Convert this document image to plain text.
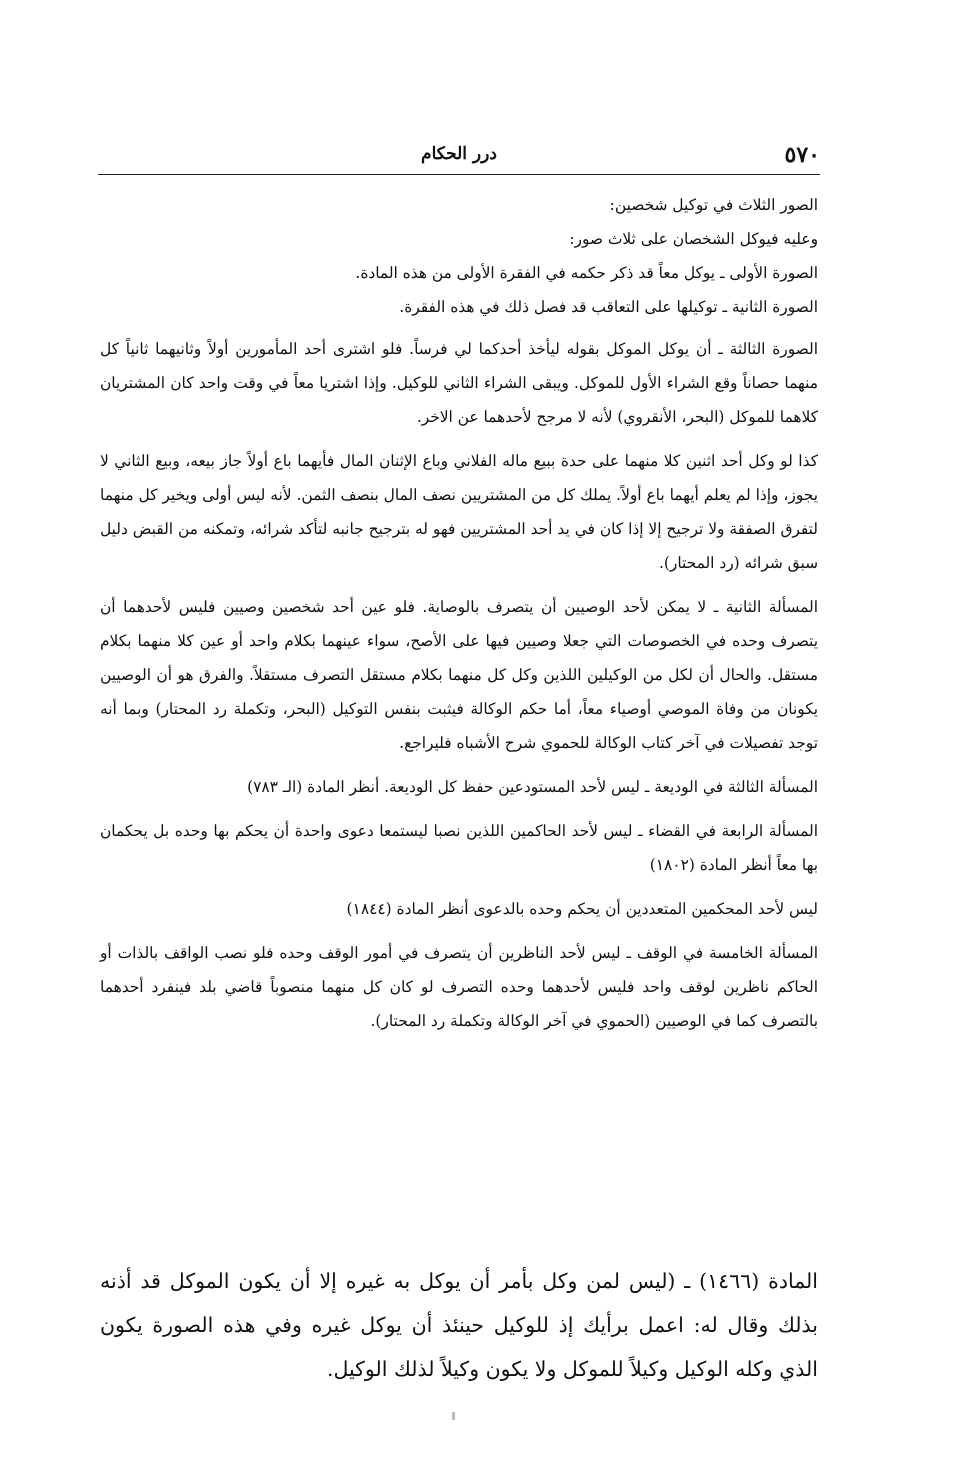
٥٧٠
درر الحكام

الصور الثلاث في توكيل شخصين:

وعليه فيوكل الشخصان على ثلاث صور:

الصورة الأولى ـ يوكل معاً قد ذكر حكمه في الفقرة الأولى من هذه المادة.

الصورة الثانية ـ توكيلها على التعاقب قد فصل ذلك في هذه الفقرة.

الصورة الثالثة ـ أن يوكل الموكل بقوله ليأخذ أحدكما لي فرساً. فلو اشترى أحد المأمورين أولاً وثانيهما ثانياً كل منهما حصاناً وقع الشراء الأول للموكل. ويبقى الشراء الثاني للوكيل. وإذا اشتريا معاً في وقت واحد كان المشتريان كلاهما للموكل (البحر، الأنقروي) لأنه لا مرجح لأحدهما عن الاخر.

كذا لو وكل أحد اثنين كلا منهما على حدة ببيع ماله الفلاني وباع الإثنان المال فأيهما باع أولاً جاز بيعه، وبيع الثاني لا يجوز، وإذا لم يعلم أيهما باع أولاً. يملك كل من المشتريين نصف المال بنصف الثمن. لأنه ليس أولى ويخير كل منهما لتفرق الصفقة ولا ترجيح إلا إذا كان في يد أحد المشتريين فهو له بترجيح جانبه لتأكد شرائه، وتمكنه من القبض دليل سبق شرائه (رد المحتار).

المسألة الثانية ـ لا يمكن لأحد الوصيين أن يتصرف بالوصاية. فلو عين أحد شخصين وصيين فليس لأحدهما أن يتصرف وحده في الخصوصات التي جعلا وصيين فيها على الأصح، سواء عينهما بكلام واحد أو عين كلا منهما بكلام مستقل. والحال أن لكل من الوكيلين اللذين وكل كل منهما بكلام مستقل التصرف مستقلاً. والفرق هو أن الوصيين يكونان من وفاة الموصي أوصياء معاً، أما حكم الوكالة فيثبت بنفس التوكيل (البحر، وتكملة رد المحتار) وبما أنه توجد تفصيلات في آخر كتاب الوكالة للحموي شرح الأشباه فليراجع.

المسألة الثالثة في الوديعة ـ ليس لأحد المستودعين حفظ كل الوديعة. أنظر المادة (الـ ٧٨٣)

المسألة الرابعة في القضاء ـ ليس لأحد الحاكمين اللذين نصبا ليستمعا دعوى واحدة أن يحكم بها وحده بل يحكمان بها معاً أنظر المادة (١٨٠٢)

ليس لأحد المحكمين المتعددين أن يحكم وحده بالدعوى أنظر المادة (١٨٤٤)

المسألة الخامسة في الوقف ـ ليس لأحد الناظرين أن يتصرف في أمور الوقف وحده فلو نصب الواقف بالذات أو الحاكم ناظرين لوقف واحد فليس لأحدهما وحده التصرف لو كان كل منهما منصوباً قاضي بلد فينفرد أحدهما بالتصرف كما في الوصيين (الحموي في آخر الوكالة وتكملة رد المحتار).

المادة (١٤٦٦) ـ (ليس لمن وكل بأمر أن يوكل به غيره إلا أن يكون الموكل قد أذنه بذلك وقال له: اعمل برأيك إذ للوكيل حينئذ أن يوكل غيره وفي هذه الصورة يكون الذي وكله الوكيل وكيلاً للموكل ولا يكون وكيلاً لذلك الوكيل.
